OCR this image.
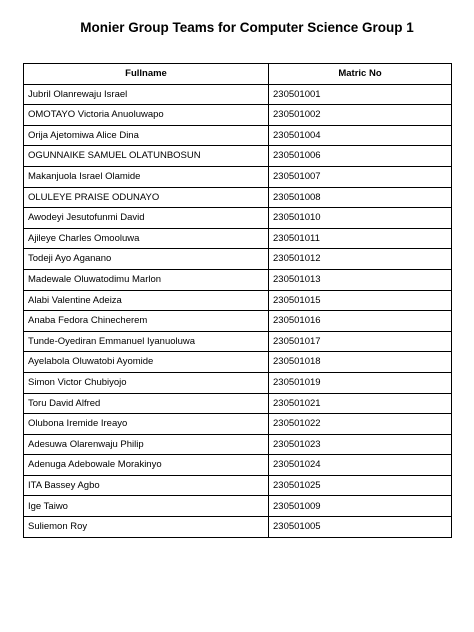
Monier Group Teams for Computer Science Group 1
Fullname	Matric No
Jubril Olanrewaju Israel	230501001
OMOTAYO Victoria Anuoluwapo	230501002
Orija Ajetomiwa Alice Dina	230501004
OGUNNAIKE SAMUEL OLATUNBOSUN	230501006
Makanjuola Israel Olamide	230501007
OLULEYE PRAISE ODUNAYO	230501008
Awodeyi Jesutofunmi David	230501010
Ajileye Charles Omooluwa	230501011
Todeji Ayo Aganano	230501012
Madewale Oluwatodimu Marlon	230501013
Alabi Valentine Adeiza	230501015
Anaba Fedora Chinecherem	230501016
Tunde-Oyediran Emmanuel Iyanuoluwa	230501017
Ayelabola Oluwatobi Ayomide	230501018
Simon Victor Chubiyojo	230501019
Toru David Alfred	230501021
Olubona Iremide Ireayo	230501022
Adesuwa Olarenwaju Philip	230501023
Adenuga Adebowale Morakinyo	230501024
ITA Bassey Agbo	230501025
Ige Taiwo	230501009
Suliemon Roy	230501005
